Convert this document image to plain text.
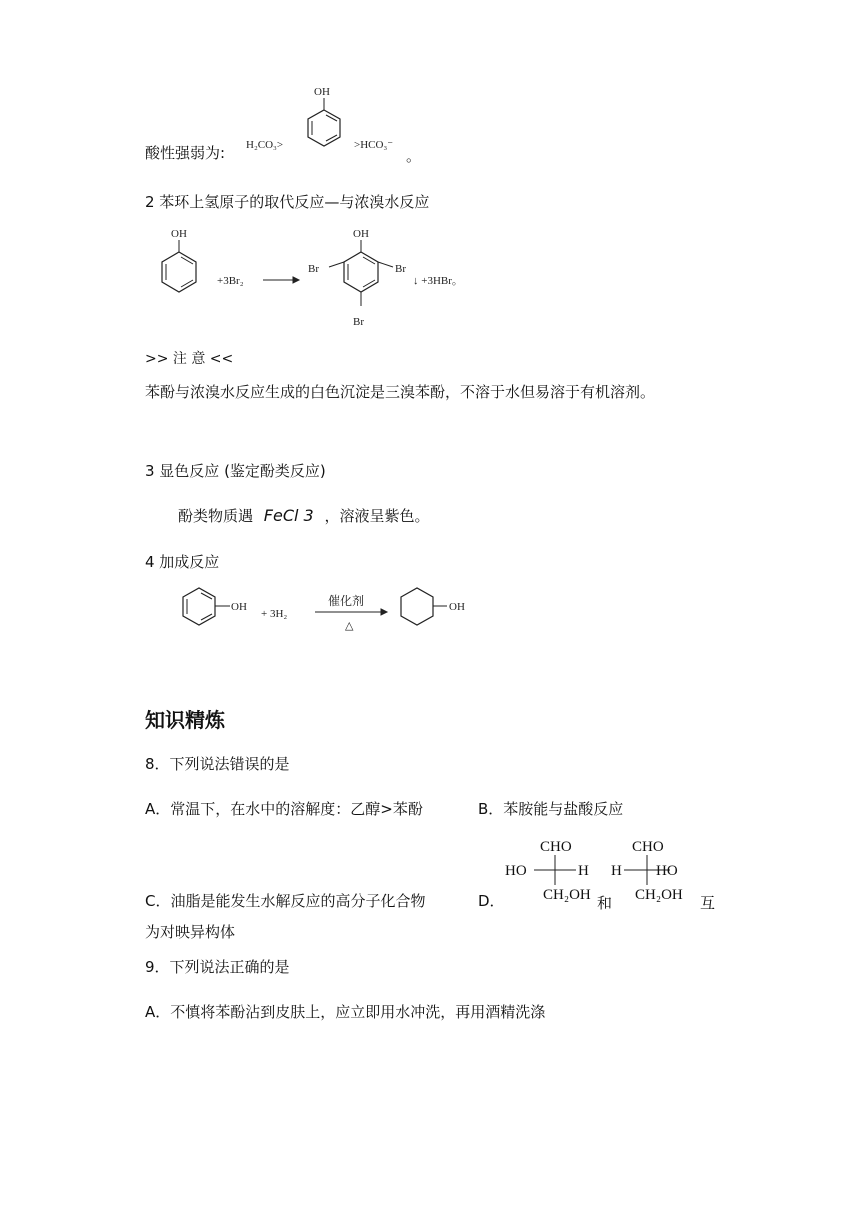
酸性强弱为: H₂CO₃>
OH
>HCO₃⁻
。
2 苯环上氢原子的取代反应—与浓溴水反应
OH
+3Br₂
OH
Br	Br
Br
↓ +3HBr。
>> 注 意 <<
苯酚与浓溴水反应生成的白色沉淀是三溴苯酚，不溶于水但易溶于有机溶剂。
3 显色反应 (鉴定酚类反应)
酚类物质遇 FeCl 3 ，溶液呈紫色。
4 加成反应
OH
+ 3H₂
催化剂
△
OH
知识精炼
8．下列说法错误的是
A．常温下，在水中的溶解度：乙醇>苯酚	B．苯胺能与盐酸反应
CHO
HO	H
CH₂OH
CHO
H HO
CH₂OH
C．油脂是能发生水解反应的高分子化合物	D．	和	互
为对映异构体
9．下列说法正确的是
A．不慎将苯酚沾到皮肤上，应立即用水冲洗，再用酒精洗涤
